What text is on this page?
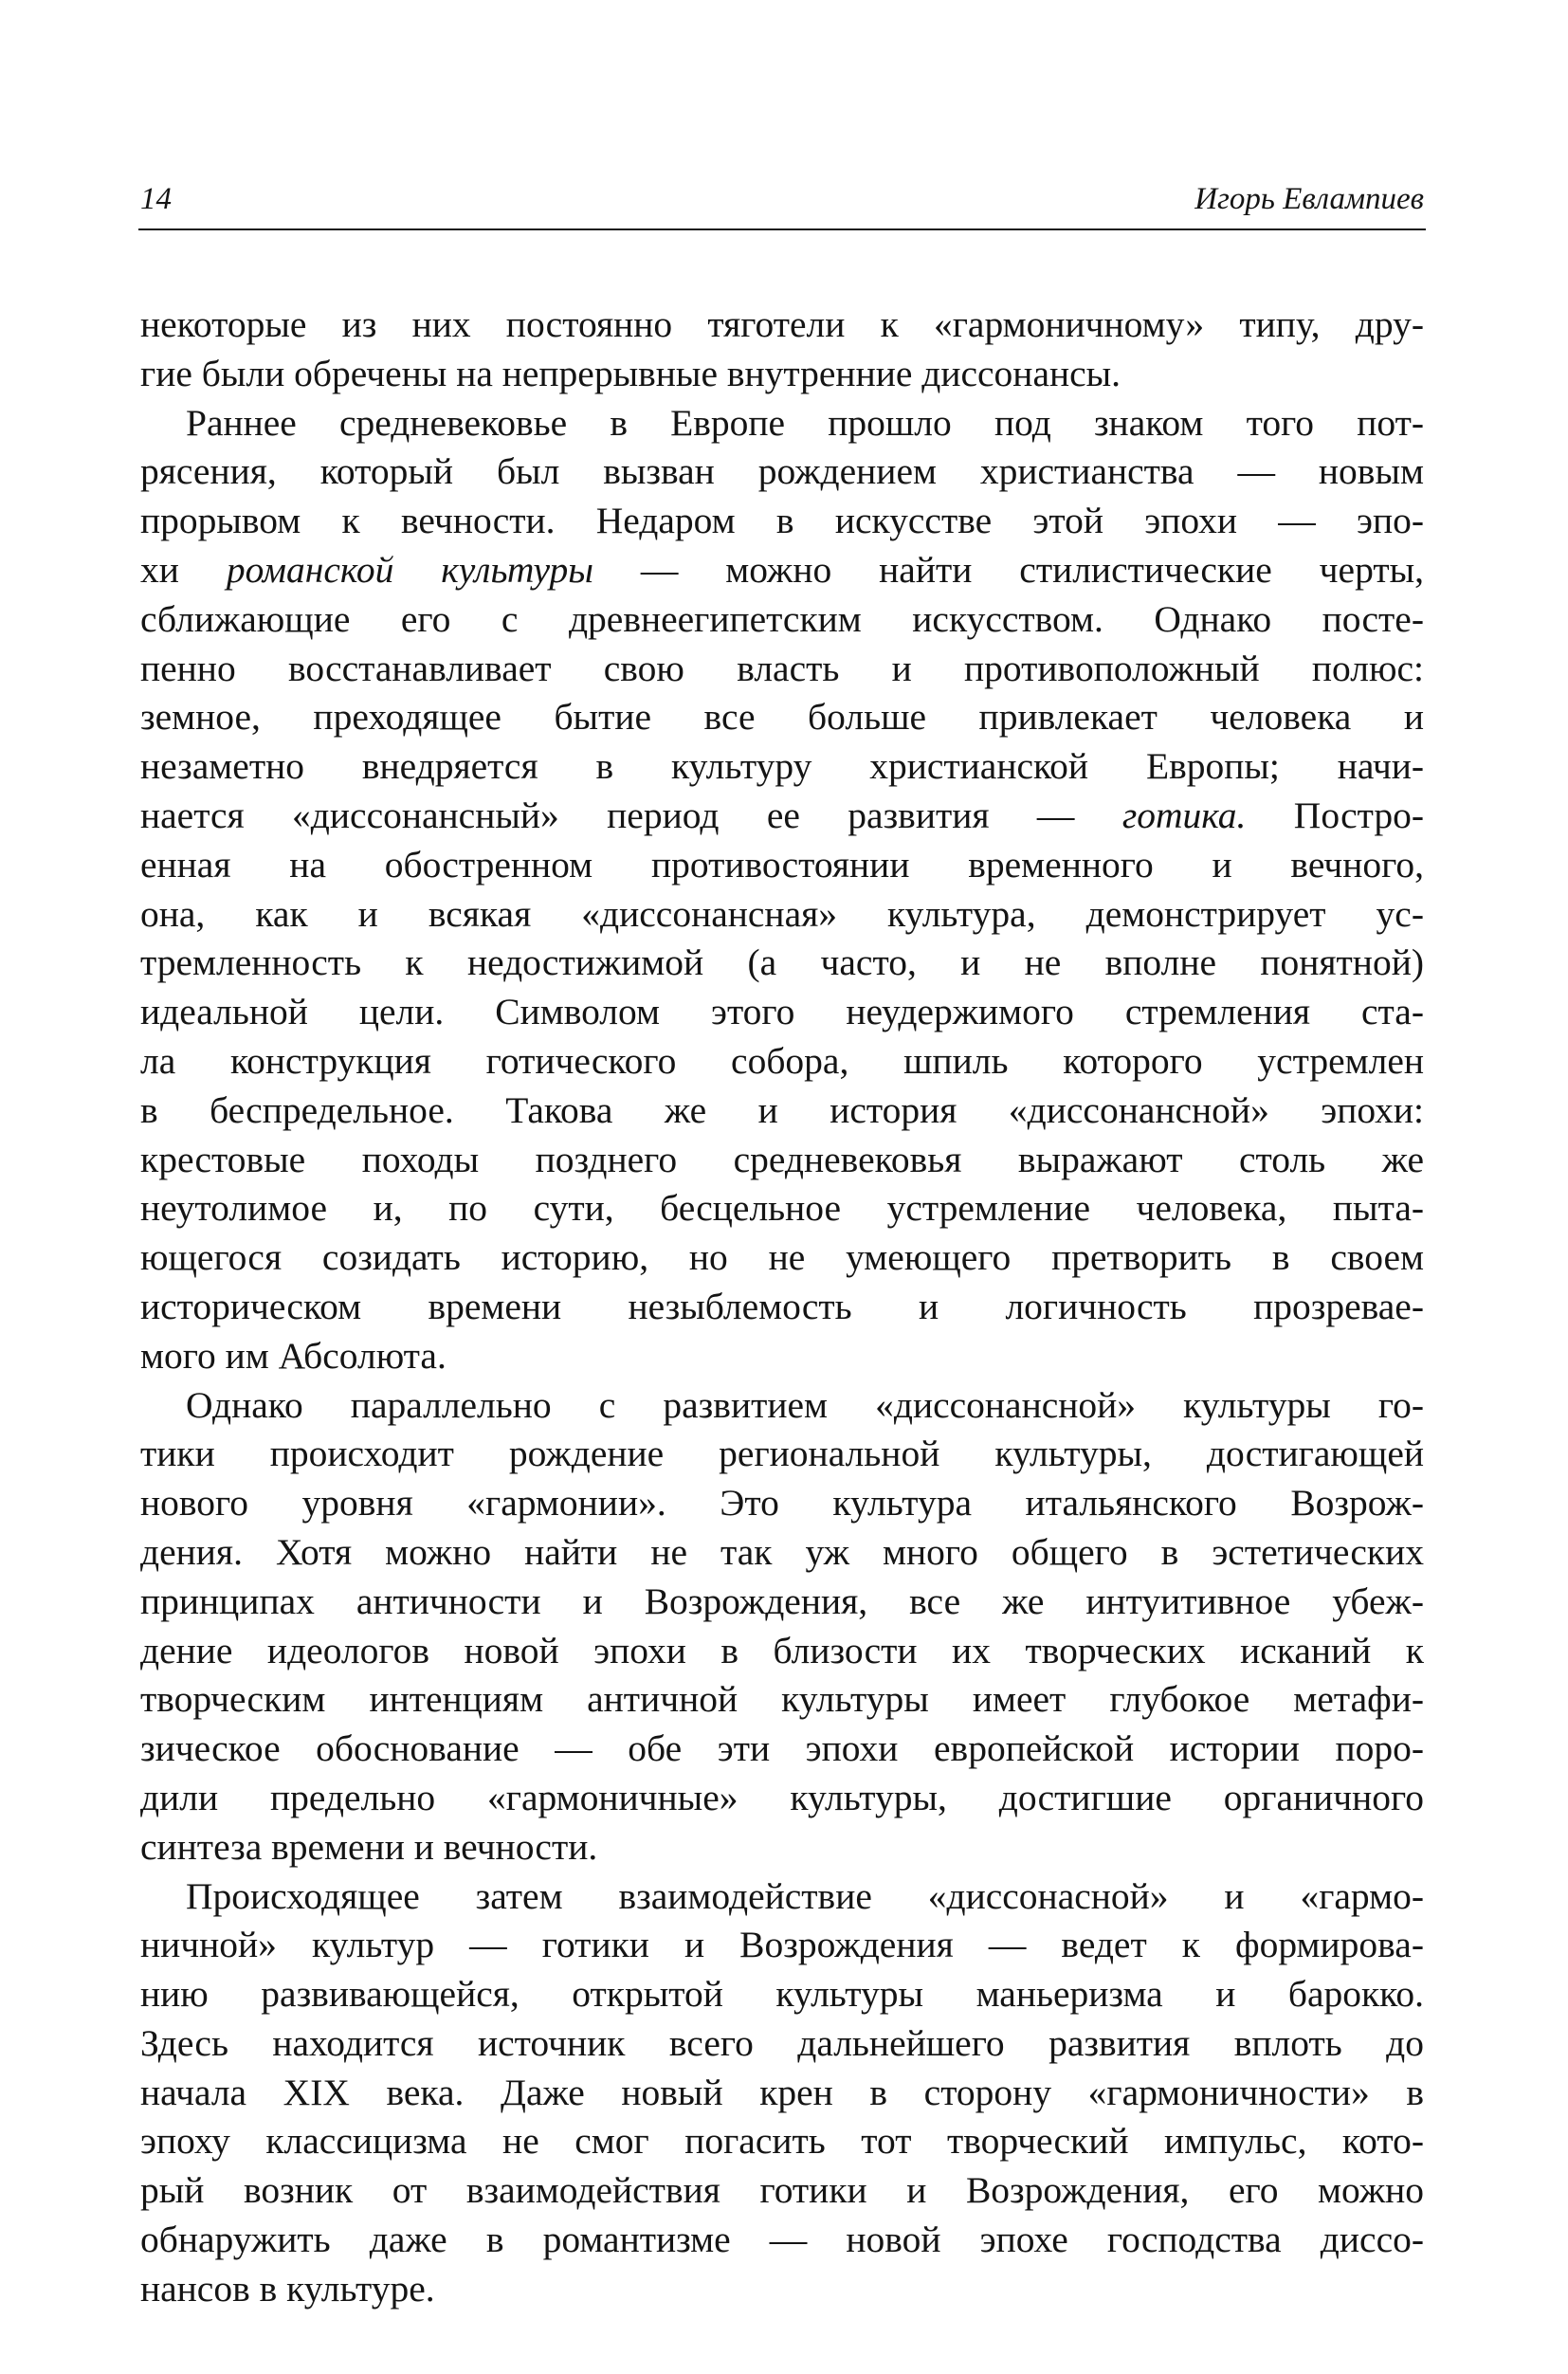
14	Игорь Евлампиев
некоторые из них постоянно тяготели к «гармоничному» типу, дру-
гие были обречены на непрерывные внутренние диссонансы.
Раннее средневековье в Европе прошло под знаком того пот-
рясения, который был вызван рождением христианства — новым
прорывом к вечности. Недаром в искусстве этой эпохи — эпо-
хи романской культуры — можно найти стилистические черты,
сближающие его с древнеегипетским искусством. Однако посте-
пенно восстанавливает свою власть и противоположный полюс:
земное, преходящее бытие все больше привлекает человека и
незаметно внедряется в культуру христианской Европы; начи-
нается «диссонансный» период ее развития — готика. Постро-
енная на обостренном противостоянии временного и вечного,
она, как и всякая «диссонансная» культура, демонстрирует ус-
тремленность к недостижимой (а часто, и не вполне понятной)
идеальной цели. Символом этого неудержимого стремления ста-
ла конструкция готического собора, шпиль которого устремлен
в беспредельное. Такова же и история «диссонансной» эпохи:
крестовые походы позднего средневековья выражают столь же
неутолимое и, по сути, бесцельное устремление человека, пыта-
ющегося созидать историю, но не умеющего претворить в своем
историческом времени незыблемость и логичность прозревае-
мого им Абсолюта.
Однако параллельно с развитием «диссонансной» культуры го-
тики происходит рождение региональной культуры, достигающей
нового уровня «гармонии». Это культура итальянского Возрож-
дения. Хотя можно найти не так уж много общего в эстетических
принципах античности и Возрождения, все же интуитивное убеж-
дение идеологов новой эпохи в близости их творческих исканий к
творческим интенциям античной культуры имеет глубокое метафи-
зическое обоснование — обе эти эпохи европейской истории поро-
дили предельно «гармоничные» культуры, достигшие органичного
синтеза времени и вечности.
Происходящее затем взаимодействие «диссонасной» и «гармо-
ничной» культур — готики и Возрождения — ведет к формирова-
нию развивающейся, открытой культуры маньеризма и барокко.
Здесь находится источник всего дальнейшего развития вплоть до
начала XIX века. Даже новый крен в сторону «гармоничности» в
эпоху классицизма не смог погасить тот творческий импульс, кото-
рый возник от взаимодействия готики и Возрождения, его можно
обнаружить даже в романтизме — новой эпохе господства диссо-
нансов в культуре.
